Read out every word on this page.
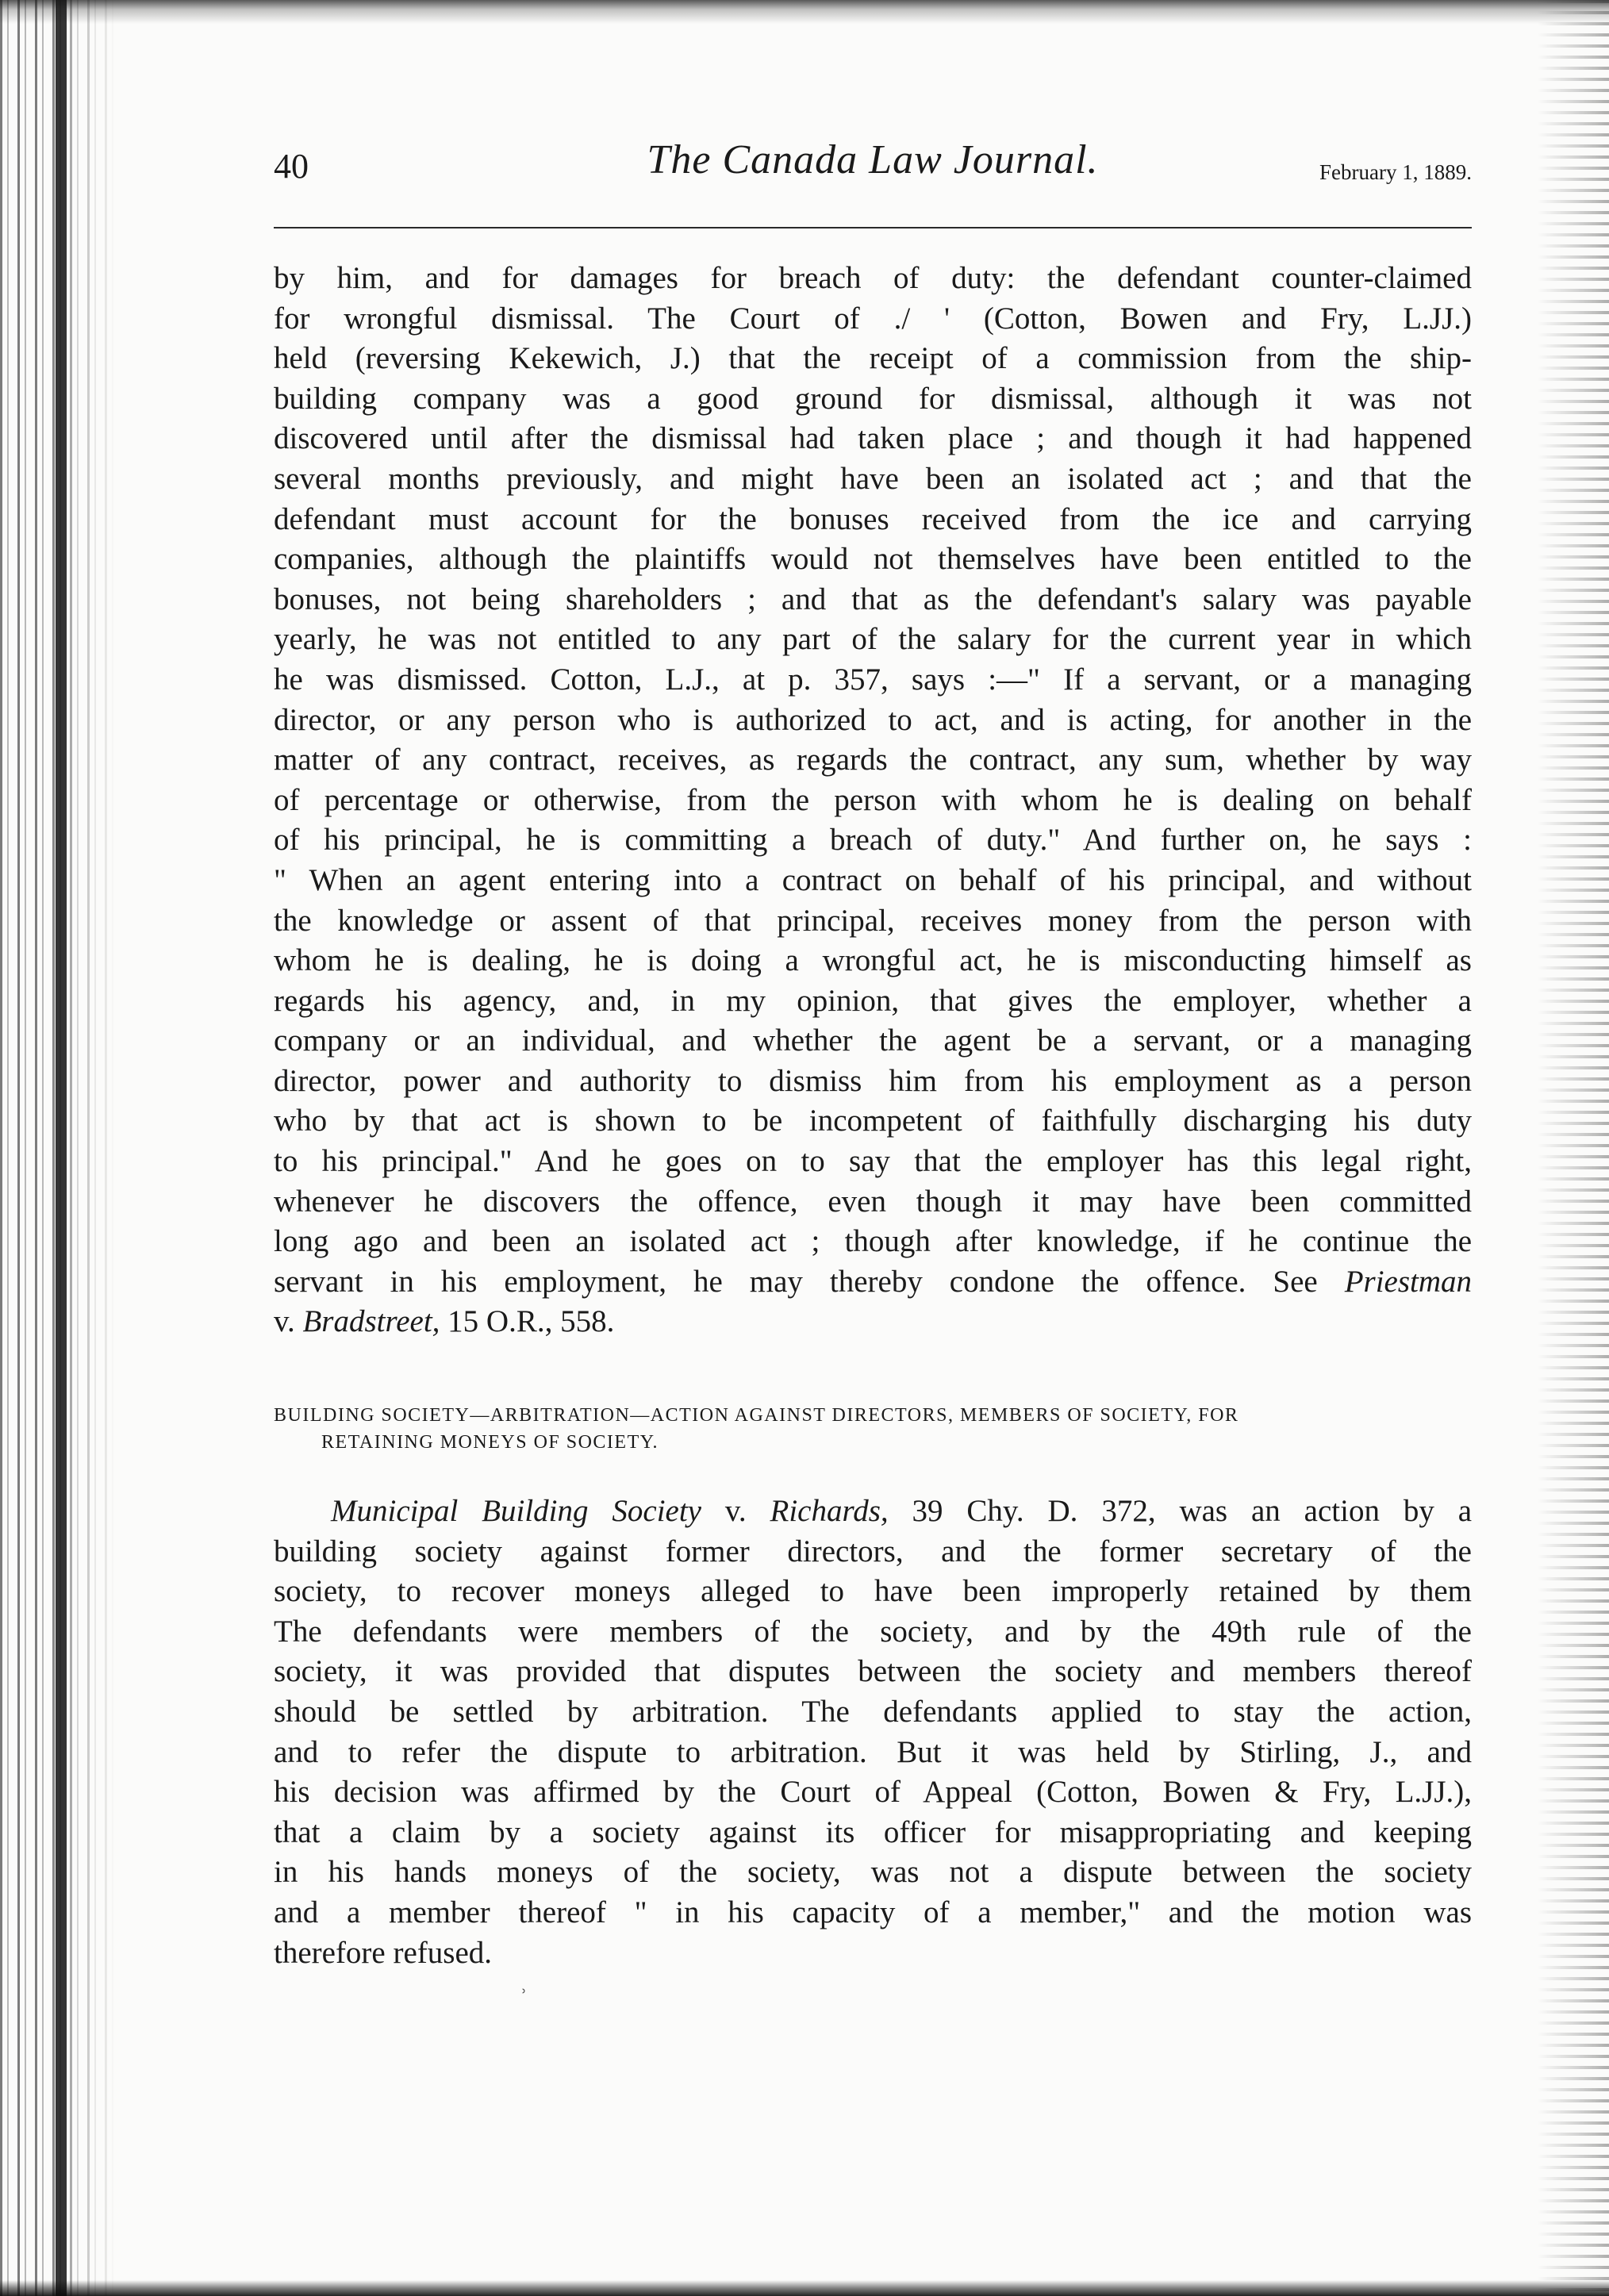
40	The Canada Law Journal.	February 1, 1889.
by him, and for damages for breach of duty: the defendant counter-claimed
for wrongful dismissal. The Court of ./ ' (Cotton, Bowen and Fry, L.JJ.)
held (reversing Kekewich, J.) that the receipt of a commission from the ship-
building company was a good ground for dismissal, although it was not
discovered until after the dismissal had taken place ; and though it had happened
several months previously, and might have been an isolated act ; and that the
defendant must account for the bonuses received from the ice and carrying
companies, although the plaintiffs would not themselves have been entitled to the
bonuses, not being shareholders ; and that as the defendant's salary was payable
yearly, he was not entitled to any part of the salary for the current year in which
he was dismissed. Cotton, L.J., at p. 357, says :—" If a servant, or a managing
director, or any person who is authorized to act, and is acting, for another in the
matter of any contract, receives, as regards the contract, any sum, whether by way
of percentage or otherwise, from the person with whom he is dealing on behalf
of his principal, he is committing a breach of duty." And further on, he says :
" When an agent entering into a contract on behalf of his principal, and without
the knowledge or assent of that principal, receives money from the person with
whom he is dealing, he is doing a wrongful act, he is misconducting himself as
regards his agency, and, in my opinion, that gives the employer, whether a
company or an individual, and whether the agent be a servant, or a managing
director, power and authority to dismiss him from his employment as a person
who by that act is shown to be incompetent of faithfully discharging his duty
to his principal." And he goes on to say that the employer has this legal right,
whenever he discovers the offence, even though it may have been committed
long ago and been an isolated act ; though after knowledge, if he continue the
servant in his employment, he may thereby condone the offence. See Priestman
v. Bradstreet, 15 O.R., 558.
BUILDING SOCIETY—ARBITRATION—ACTION AGAINST DIRECTORS, MEMBERS OF SOCIETY, FOR
RETAINING MONEYS OF SOCIETY.
Municipal Building Society v. Richards, 39 Chy. D. 372, was an action by a
building society against former directors, and the former secretary of the
society, to recover moneys alleged to have been improperly retained by them
The defendants were members of the society, and by the 49th rule of the
society, it was provided that disputes between the society and members thereof
should be settled by arbitration. The defendants applied to stay the action,
and to refer the dispute to arbitration. But it was held by Stirling, J., and
his decision was affirmed by the Court of Appeal (Cotton, Bowen & Fry, L.JJ.),
that a claim by a society against its officer for misappropriating and keeping
in his hands moneys of the society, was not a dispute between the society
and a member thereof " in his capacity of a member," and the motion was
therefore refused.
˒
